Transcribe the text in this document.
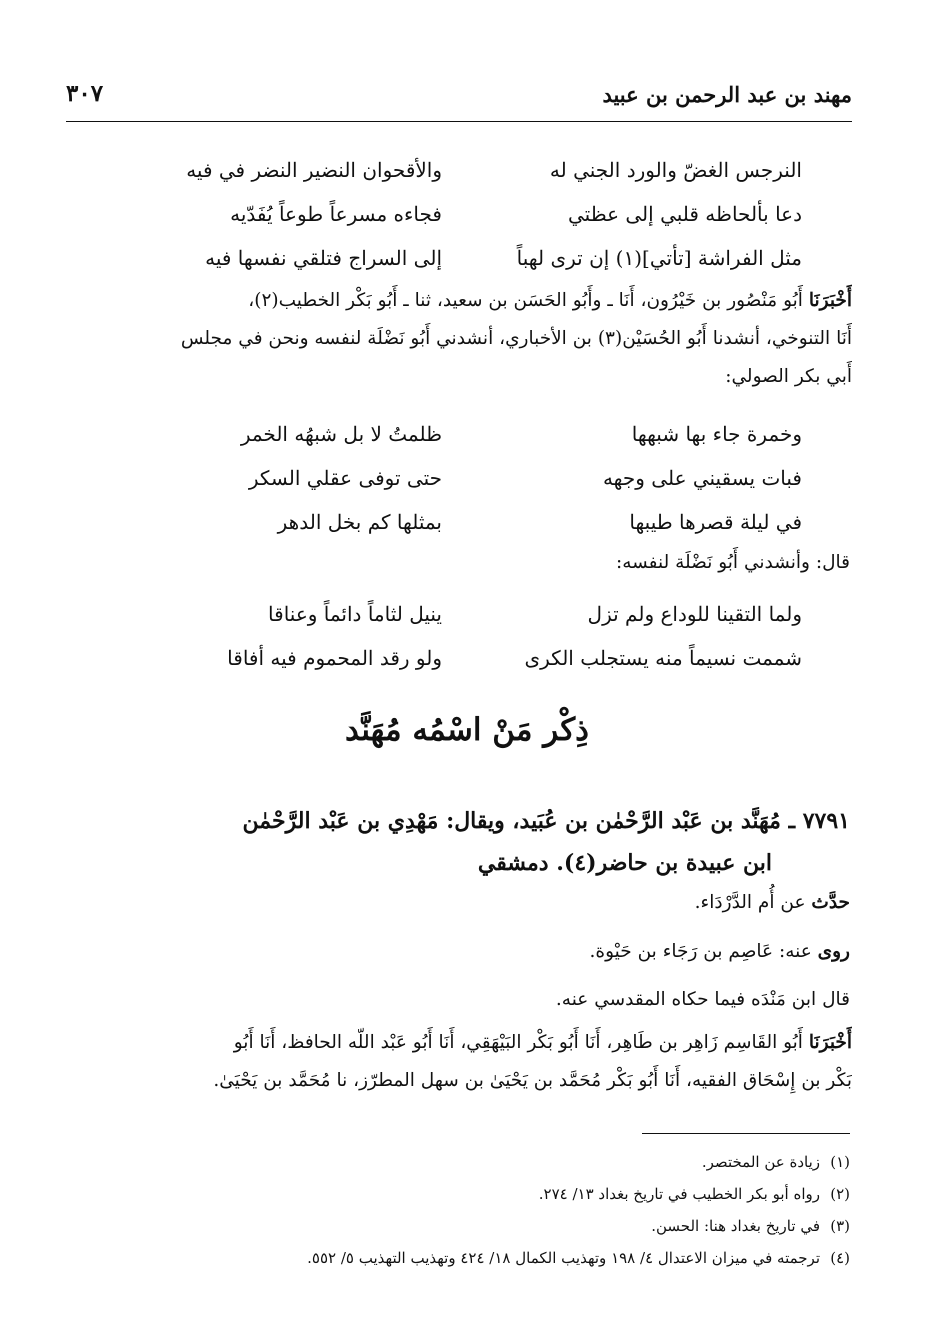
مهند بن عبد الرحمن بن عبيد
٣٠٧
النرجس الغضّ والورد الجني له
والأقحوان النضير النضر في فيه
دعا بألحاظه قلبي إلى عظتي
فجاءه مسرعاً طوعاً يُفَدّيه
مثل الفراشة [تأتي](١) إن ترى لهباً
إلى السراج فتلقي نفسها فيه
أَخْبَرَنَا أَبُو مَنْصُور بن خَيْرُون، أَنَا ـ وأَبُو الحَسَن بن سعيد، ثنا ـ أَبُو بَكْر الخطيب(٢)،
أَنَا التنوخي، أنشدنا أَبُو الحُسَيْن(٣) بن الأخباري، أنشدني أَبُو نَضْلَة لنفسه ونحن في مجلس
أَبي بكر الصولي:
وخمرة جاء بها شبهها
ظلمتُ لا بل شبهُه الخمر
فبات يسقيني على وجهه
حتى توفى عقلي السكر
في ليلة قصرها طيبها
بمثلها كم بخل الدهر
قال: وأنشدني أَبُو نَضْلَة لنفسه:
ولما التقينا للوداع ولم تزل
ينيل لثاماً دائماً وعناقا
شممت نسيماً منه يستجلب الكرى
ولو رقد المحموم فيه أفاقا
ذِكْر مَنْ اسْمُه مُهَنَّد
٧٧٩١ ـ مُهَنَّد بن عَبْد الرَّحْمٰن بن عُبَيد، ويقال: مَهْدِي بن عَبْد الرَّحْمٰن
ابن عبيدة بن حاضر(٤). دمشقي
حدَّث عن أُم الدَّرْدَاء.
روى عنه: عَاصِم بن رَجَاء بن حَيْوة.
قال ابن مَنْدَه فيما حكاه المقدسي عنه.
أَخْبَرَنَا أَبُو القَاسِم زَاهِر بن طَاهِر، أَنَا أَبُو بَكْر البَيْهَقِي، أَنَا أَبُو عَبْد اللّه الحافظ، أَنَا أَبُو
بَكْر بن إِسْحَاق الفقيه، أَنَا أَبُو بَكْر مُحَمَّد بن يَحْيَىٰ بن سهل المطرّز، نا مُحَمَّد بن يَحْيَىٰ.
(١)زيادة عن المختصر.
(٢)رواه أبو بكر الخطيب في تاريخ بغداد ١٣/ ٢٧٤.
(٣)في تاريخ بغداد هنا: الحسن.
(٤)ترجمته في ميزان الاعتدال ٤/ ١٩٨ وتهذيب الكمال ١٨/ ٤٢٤ وتهذيب التهذيب ٥/ ٥٥٢.
